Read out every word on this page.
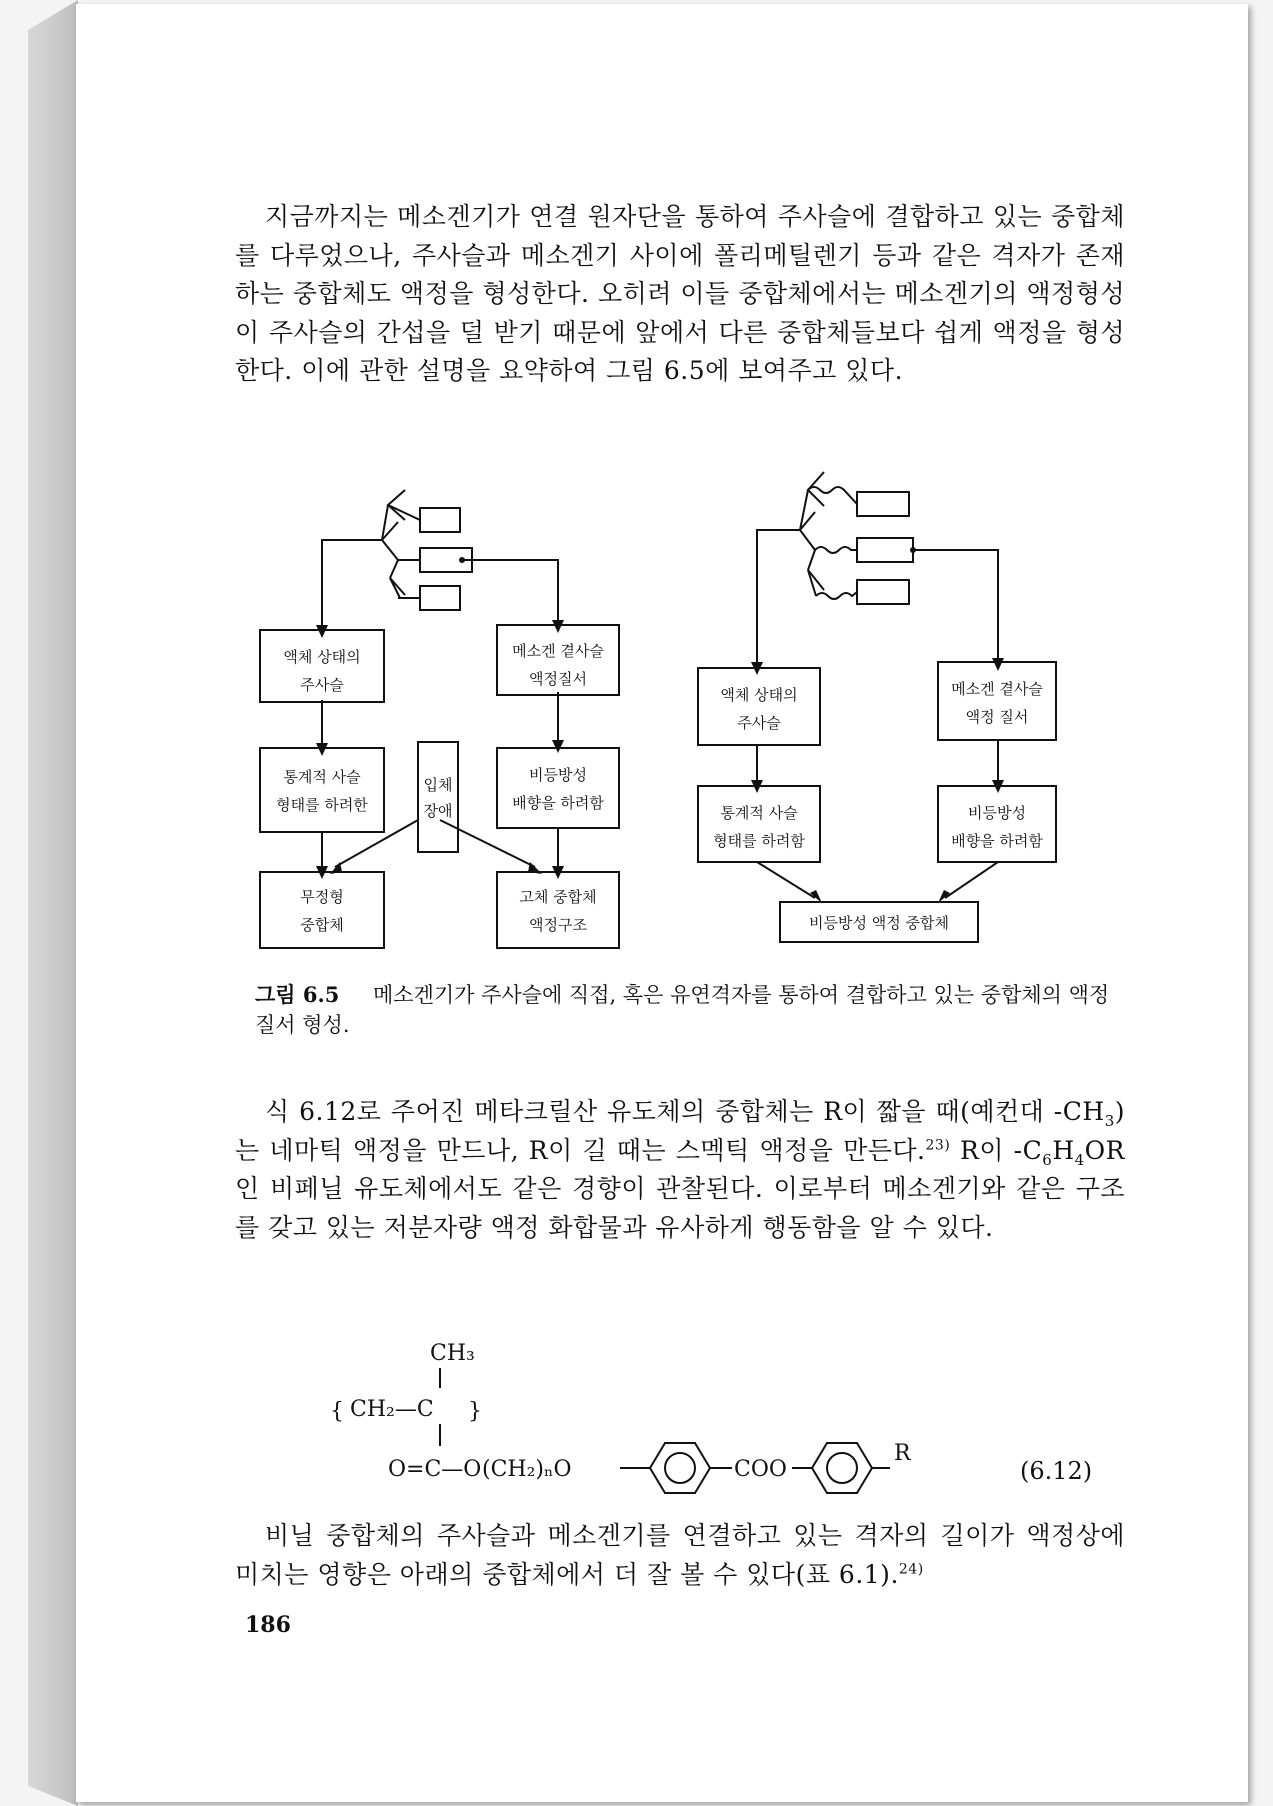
지금까지는 메소겐기가 연결 원자단을 통하여 주사슬에 결합하고 있는 중합체를 다루었으나, 주사슬과 메소겐기 사이에 폴리메틸렌기 등과 같은 격자가 존재하는 중합체도 액정을 형성한다. 오히려 이들 중합체에서는 메소겐기의 액정형성이 주사슬의 간섭을 덜 받기 때문에 앞에서 다른 중합체들보다 쉽게 액정을 형성한다. 이에 관한 설명을 요약하여 그림 6.5에 보여주고 있다.
액체 상태의
주사슬
메소겐 곁사슬
액정질서
통계적 사슬
형태를 하려한
입체
장애
비등방성
배향을 하려함
무정형
중합체
고체 중합체
액정구조
액체 상태의
주사슬
메소겐 곁사슬
액정 질서
통계적 사슬
형태를 하려함
비등방성
배향을 하려함
비등방성 액정 중합체
CH₃
{ CH₂—C }
O=C—O (CH₂)ₙO	COO
R
그림 6.5 메소겐기가 주사슬에 직접, 혹은 유연격자를 통하여 결합하고 있는 중합체의 액정 질서 형성.
식 6.12로 주어진 메타크릴산 유도체의 중합체는 R이 짧을 때(예컨대 $-CH_3$)는 네마틱 액정을 만드나, R이 길 때는 스멕틱 액정을 만든다.$^{23)}$ R이 $-C_6H_4OR$인 비페닐 유도체에서도 같은 경향이 관찰된다. 이로부터 메소겐기와 같은 구조를 갖고 있는 저분자량 액정 화합물과 유사하게 행동함을 알 수 있다.
(6.12)
비닐 중합체의 주사슬과 메소겐기를 연결하고 있는 격자의 길이가 액정상에 미치는 영향은 아래의 중합체에서 더 잘 볼 수 있다(표 6.1).$^{24)}$
186
